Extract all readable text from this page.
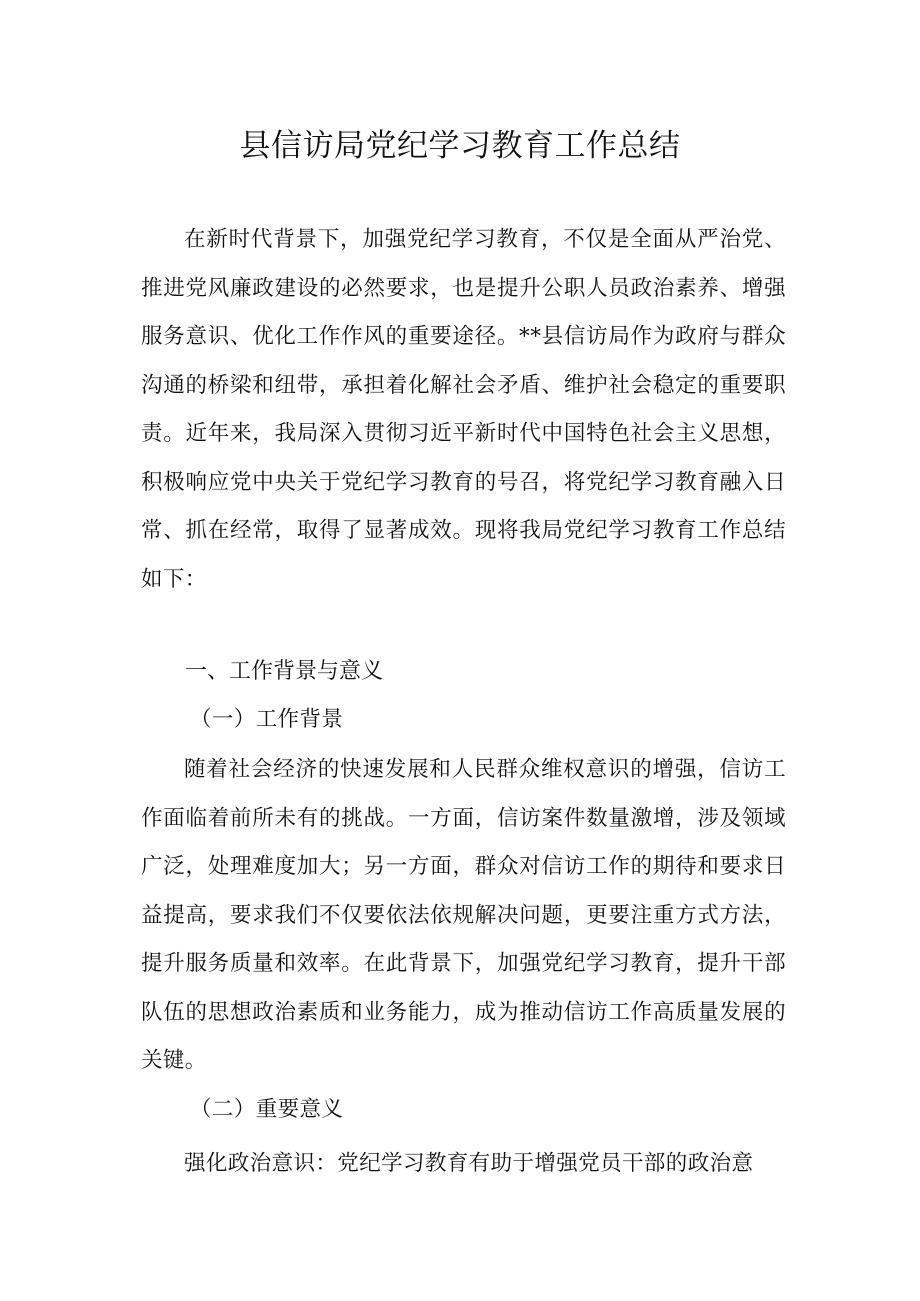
县信访局党纪学习教育工作总结

在新时代背景下，加强党纪学习教育，不仅是全面从严治党、推进党风廉政建设的必然要求，也是提升公职人员政治素养、增强服务意识、优化工作作风的重要途径。**县信访局作为政府与群众沟通的桥梁和纽带，承担着化解社会矛盾、维护社会稳定的重要职责。近年来，我局深入贯彻习近平新时代中国特色社会主义思想，积极响应党中央关于党纪学习教育的号召，将党纪学习教育融入日常、抓在经常，取得了显著成效。现将我局党纪学习教育工作总结如下：

一、工作背景与意义
（一）工作背景

随着社会经济的快速发展和人民群众维权意识的增强，信访工作面临着前所未有的挑战。一方面，信访案件数量激增，涉及领域广泛，处理难度加大；另一方面，群众对信访工作的期待和要求日益提高，要求我们不仅要依法依规解决问题，更要注重方式方法，提升服务质量和效率。在此背景下，加强党纪学习教育，提升干部队伍的思想政治素质和业务能力，成为推动信访工作高质量发展的关键。

（二）重要意义

强化政治意识：党纪学习教育有助于增强党员干部的政治意
